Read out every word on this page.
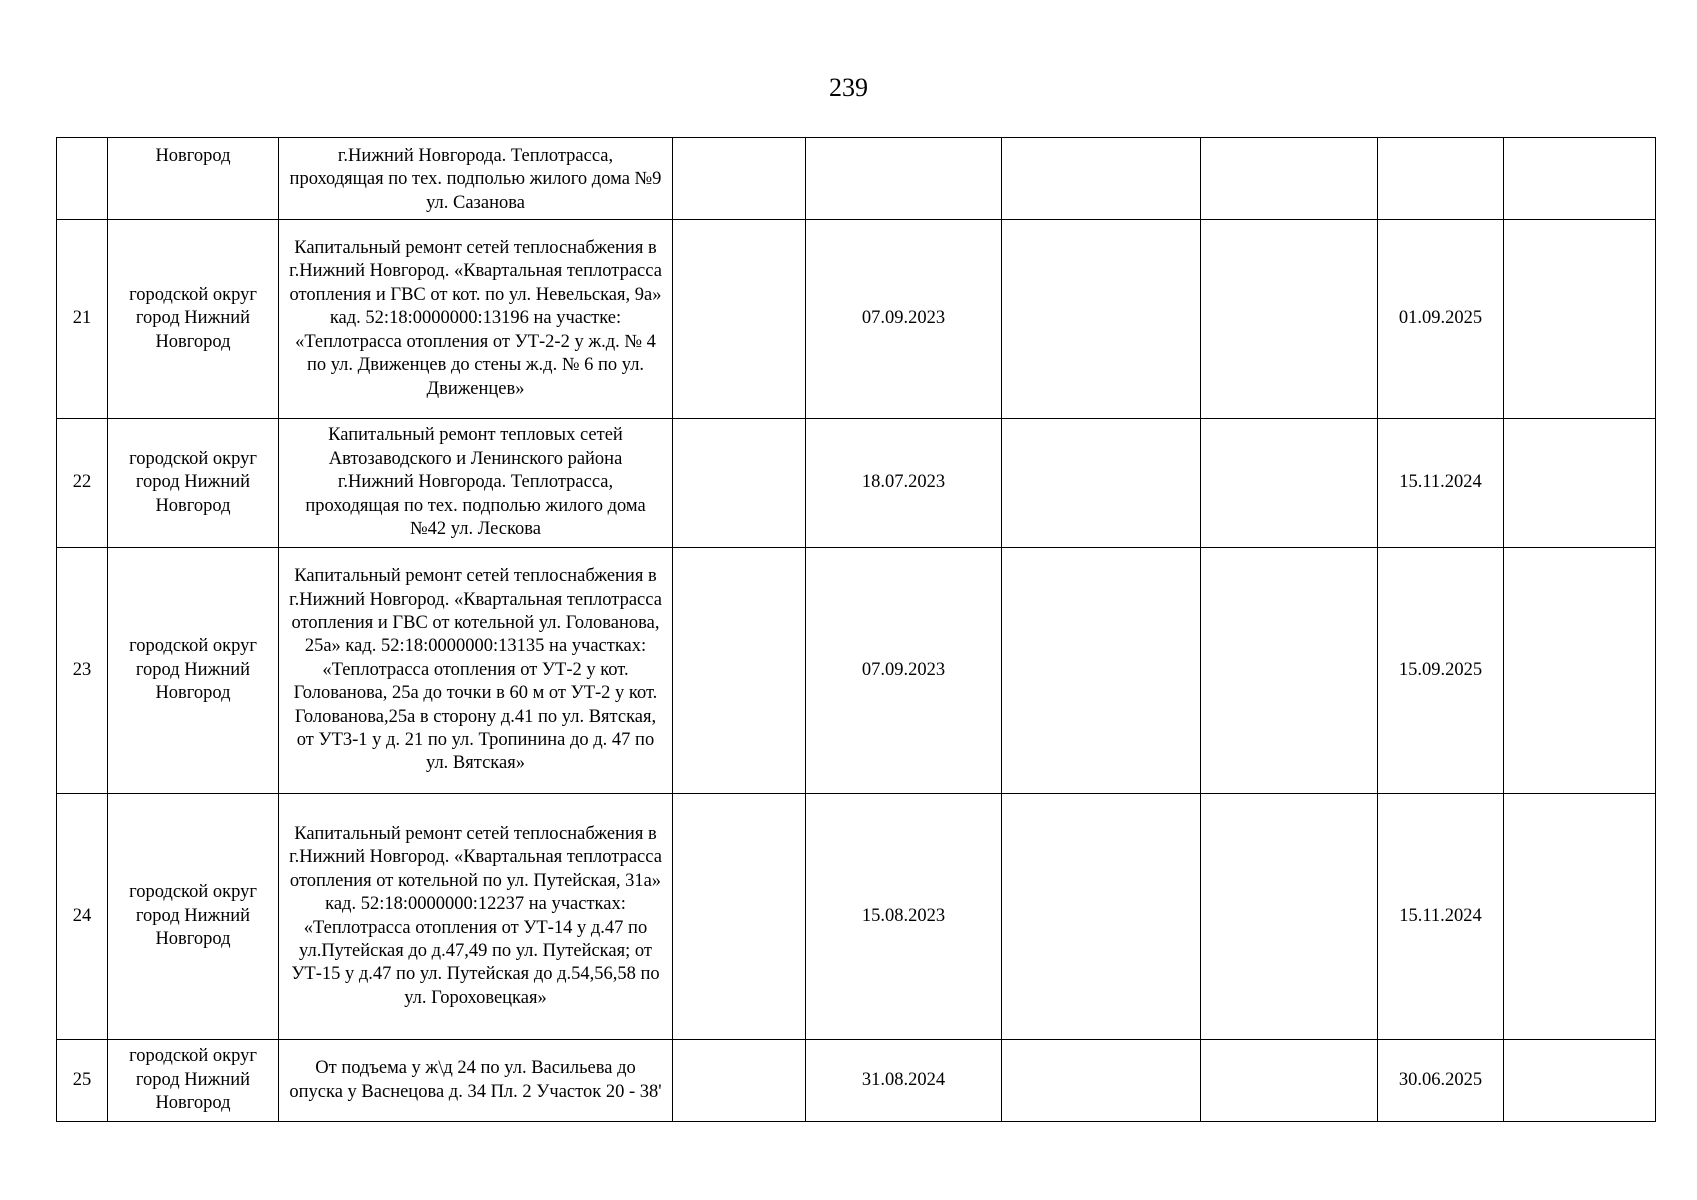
239
	Новгород	г.Нижний Новгорода. Теплотрасса, проходящая по тех. подполью жилого дома №9 ул. Сазанова						
21	городской округ город Нижний Новгород	Капитальный ремонт сетей теплоснабжения в г.Нижний Новгород. «Квартальная теплотрасса отопления и ГВС от кот. по ул. Невельская, 9а» кад. 52:18:0000000:13196 на участке: «Теплотрасса отопления от УТ-2-2 у ж.д. № 4 по ул. Движенцев до стены ж.д. № 6 по ул. Движенцев»		07.09.2023			01.09.2025	
22	городской округ город Нижний Новгород	Капитальный ремонт тепловых сетей Автозаводского и Ленинского района г.Нижний Новгорода. Теплотрасса, проходящая по тех. подполью жилого дома №42 ул. Лескова		18.07.2023			15.11.2024	
23	городской округ город Нижний Новгород	Капитальный ремонт сетей теплоснабжения в г.Нижний Новгород. «Квартальная теплотрасса отопления и ГВС от котельной ул. Голованова, 25а» кад. 52:18:0000000:13135 на участках: «Теплотрасса отопления от УТ-2 у кот. Голованова, 25а до точки в 60 м от УТ-2 у кот. Голованова,25а в сторону д.41 по ул. Вятская, от УТ3-1 у д. 21 по ул. Тропинина до д. 47 по ул. Вятская»		07.09.2023			15.09.2025	
24	городской округ город Нижний Новгород	Капитальный ремонт сетей теплоснабжения в г.Нижний Новгород. «Квартальная теплотрасса отопления от котельной по ул. Путейская, 31а» кад. 52:18:0000000:12237 на участках: «Теплотрасса отопления от УТ-14 у д.47 по ул.Путейская до д.47,49 по ул. Путейская; от УТ-15 у д.47 по ул. Путейская до д.54,56,58 по ул. Гороховецкая»		15.08.2023			15.11.2024	
25	городской округ город Нижний Новгород	От подъема у ж\д 24 по ул. Васильева до опуска у Васнецова д. 34 Пл. 2 Участок 20 - 38'		31.08.2024			30.06.2025	
